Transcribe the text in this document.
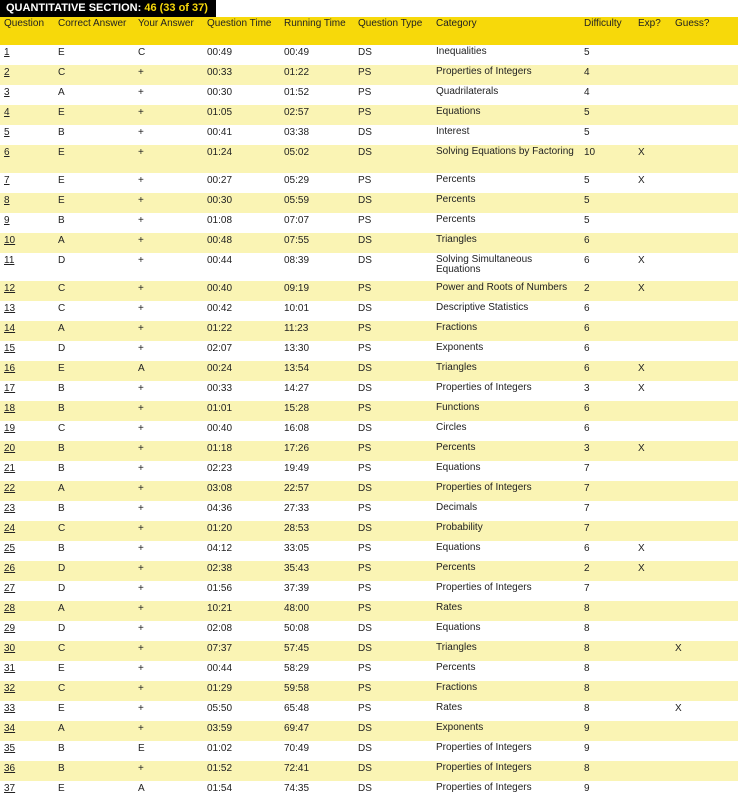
QUANTITATIVE SECTION: 46 (33 of 37)
Question	Correct Answer	Your Answer	Question Time	Running Time	Question Type	Category	Difficulty	Exp?	Guess?
1	E	C	00:49	00:49	DS	Inequalities	5		
2	C	+	00:33	01:22	PS	Properties of Integers	4		
3	A	+	00:30	01:52	PS	Quadrilaterals	4		
4	E	+	01:05	02:57	PS	Equations	5		
5	B	+	00:41	03:38	DS	Interest	5		
6	E	+	01:24	05:02	DS	Solving Equations by Factoring	10	X	
7	E	+	00:27	05:29	PS	Percents	5	X	
8	E	+	00:30	05:59	DS	Percents	5		
9	B	+	01:08	07:07	PS	Percents	5		
10	A	+	00:48	07:55	DS	Triangles	6		
11	D	+	00:44	08:39	DS	Solving Simultaneous Equations	6	X	
12	C	+	00:40	09:19	PS	Power and Roots of Numbers	2	X	
13	C	+	00:42	10:01	DS	Descriptive Statistics	6		
14	A	+	01:22	11:23	PS	Fractions	6		
15	D	+	02:07	13:30	PS	Exponents	6		
16	E	A	00:24	13:54	DS	Triangles	6	X	
17	B	+	00:33	14:27	DS	Properties of Integers	3	X	
18	B	+	01:01	15:28	PS	Functions	6		
19	C	+	00:40	16:08	DS	Circles	6		
20	B	+	01:18	17:26	PS	Percents	3	X	
21	B	+	02:23	19:49	PS	Equations	7		
22	A	+	03:08	22:57	DS	Properties of Integers	7		
23	B	+	04:36	27:33	PS	Decimals	7		
24	C	+	01:20	28:53	DS	Probability	7		
25	B	+	04:12	33:05	PS	Equations	6	X	
26	D	+	02:38	35:43	PS	Percents	2	X	
27	D	+	01:56	37:39	PS	Properties of Integers	7		
28	A	+	10:21	48:00	PS	Rates	8		
29	D	+	02:08	50:08	DS	Equations	8		
30	C	+	07:37	57:45	DS	Triangles	8		X
31	E	+	00:44	58:29	PS	Percents	8		
32	C	+	01:29	59:58	PS	Fractions	8		
33	E	+	05:50	65:48	PS	Rates	8		X
34	A	+	03:59	69:47	DS	Exponents	9		
35	B	E	01:02	70:49	DS	Properties of Integers	9		
36	B	+	01:52	72:41	DS	Properties of Integers	8		
37	E	A	01:54	74:35	DS	Properties of Integers	9		
